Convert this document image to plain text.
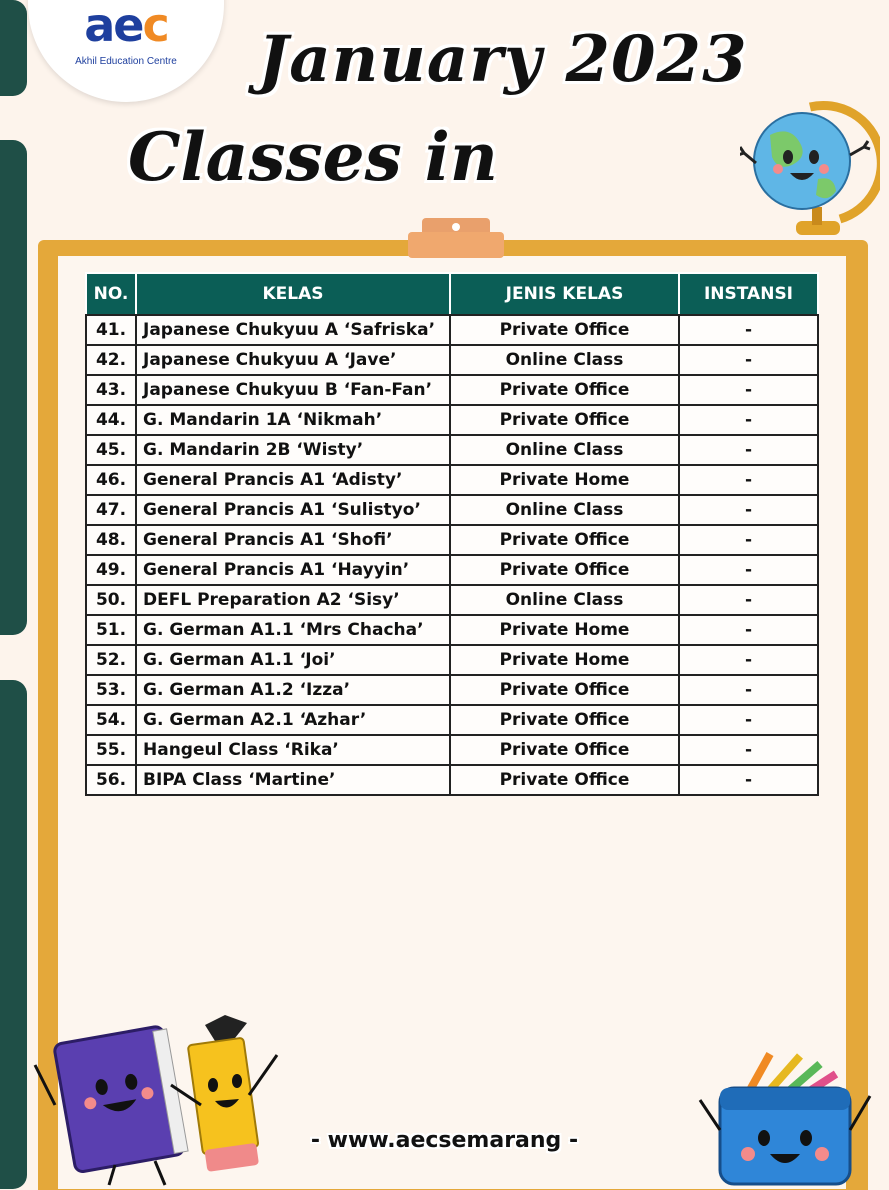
aec
Akhil Education Centre	January 2023
Classes in
NO.	KELAS	JENIS KELAS	INSTANSI
41.	Japanese Chukyuu A ‘Safriska’	Private Office	-
42.	Japanese Chukyuu A ‘Jave’	Online Class	-
43.	Japanese Chukyuu B ‘Fan-Fan’	Private Office	-
44.	G. Mandarin 1A ‘Nikmah’	Private Office	-
45.	G. Mandarin 2B ‘Wisty’	Online Class	-
46.	General Prancis A1 ‘Adisty’	Private Home	-
47.	General Prancis A1 ‘Sulistyo’	Online Class	-
48.	General Prancis A1 ‘Shofi’	Private Office	-
49.	General Prancis A1 ‘Hayyin’	Private Office	-
50.	DEFL Preparation A2 ‘Sisy’	Online Class	-
51.	G. German A1.1 ‘Mrs Chacha’	Private Home	-
52.	G. German A1.1 ‘Joi’	Private Home	-
53.	G. German A1.2 ‘Izza’	Private Office	-
54.	G. German A2.1 ‘Azhar’	Private Office	-
55.	Hangeul Class ‘Rika’	Private Office	-
56.	BIPA Class ‘Martine’	Private Office	-
- www.aecsemarang -
